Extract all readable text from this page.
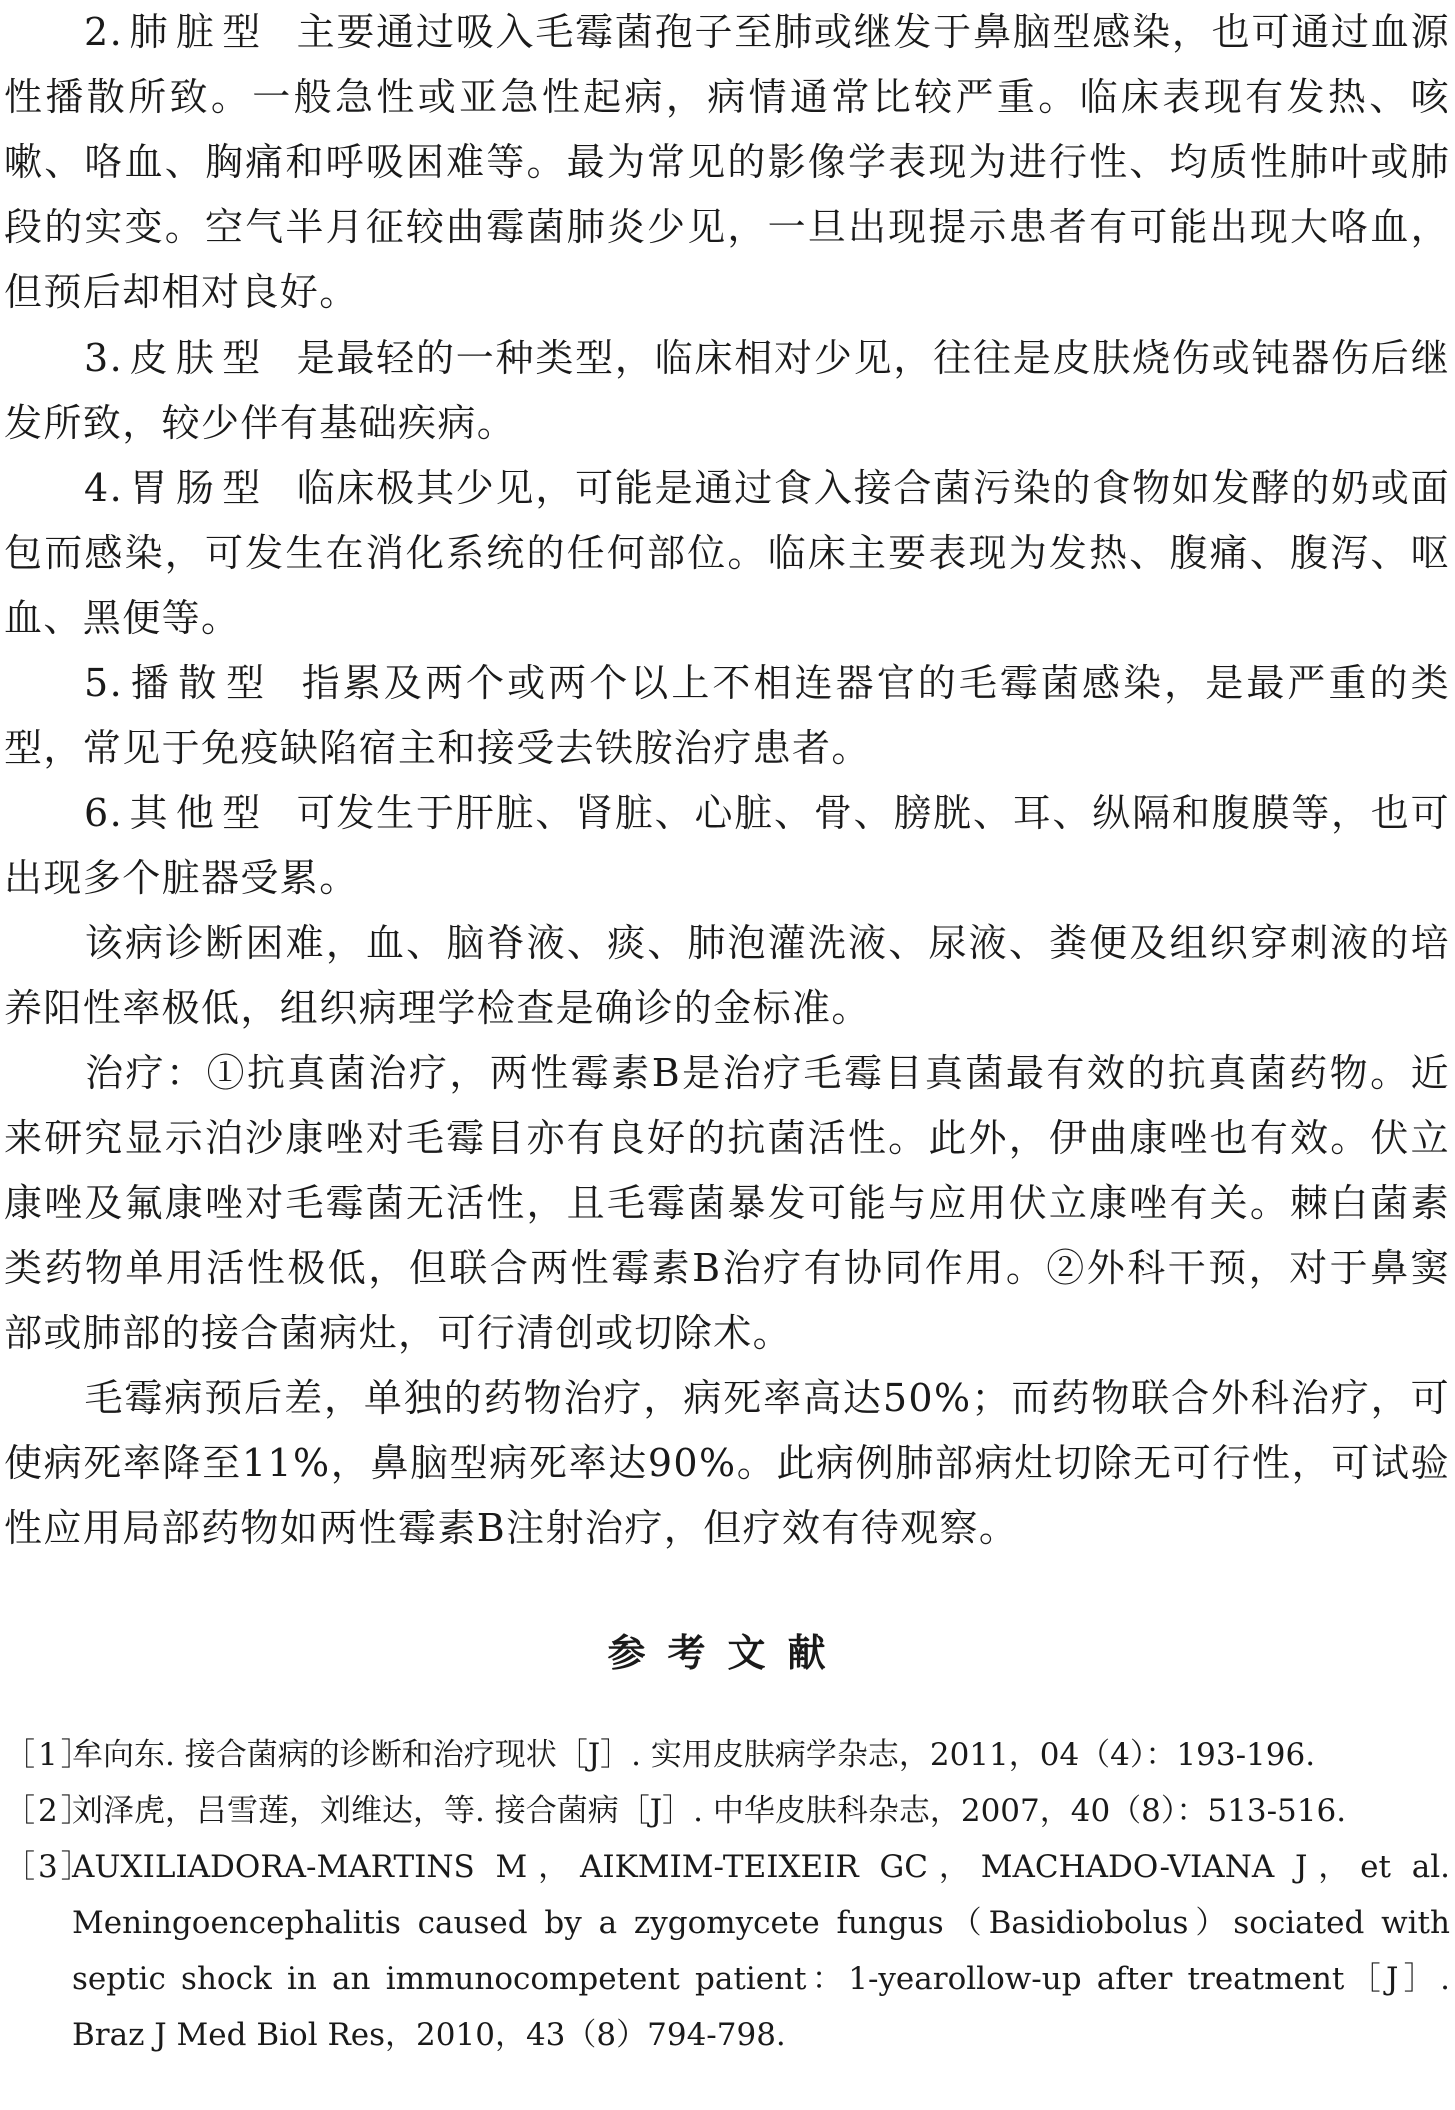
2. 肺脏型 主要通过吸入毛霉菌孢子至肺或继发于鼻脑型感染，也可通过血源性播散所致。一般急性或亚急性起病，病情通常比较严重。临床表现有发热、咳嗽、咯血、胸痛和呼吸困难等。最为常见的影像学表现为进行性、均质性肺叶或肺段的实变。空气半月征较曲霉菌肺炎少见，一旦出现提示患者有可能出现大咯血，但预后却相对良好。

3. 皮肤型 是最轻的一种类型，临床相对少见，往往是皮肤烧伤或钝器伤后继发所致，较少伴有基础疾病。

4. 胃肠型 临床极其少见，可能是通过食入接合菌污染的食物如发酵的奶或面包而感染，可发生在消化系统的任何部位。临床主要表现为发热、腹痛、腹泻、呕血、黑便等。

5. 播散型 指累及两个或两个以上不相连器官的毛霉菌感染，是最严重的类型，常见于免疫缺陷宿主和接受去铁胺治疗患者。

6. 其他型 可发生于肝脏、肾脏、心脏、骨、膀胱、耳、纵隔和腹膜等，也可出现多个脏器受累。

该病诊断困难，血、脑脊液、痰、肺泡灌洗液、尿液、粪便及组织穿刺液的培养阳性率极低，组织病理学检查是确诊的金标准。

治疗：①抗真菌治疗，两性霉素B是治疗毛霉目真菌最有效的抗真菌药物。近来研究显示泊沙康唑对毛霉目亦有良好的抗菌活性。此外，伊曲康唑也有效。伏立康唑及氟康唑对毛霉菌无活性，且毛霉菌暴发可能与应用伏立康唑有关。棘白菌素类药物单用活性极低，但联合两性霉素B治疗有协同作用。②外科干预，对于鼻窦部或肺部的接合菌病灶，可行清创或切除术。

毛霉病预后差，单独的药物治疗，病死率高达50%；而药物联合外科治疗，可使病死率降至11%，鼻脑型病死率达90%。此病例肺部病灶切除无可行性，可试验性应用局部药物如两性霉素B注射治疗，但疗效有待观察。

参考文献

［1］
牟向东. 接合菌病的诊断和治疗现状［J］. 实用皮肤病学杂志，2011，04（4）：193-196.

［2］
刘泽虎，吕雪莲，刘维达，等. 接合菌病［J］. 中华皮肤科杂志，2007，40（8）：513-516.

［3］
AUXILIADORA-MARTINS M，AIKMIM-TEIXEIR GC，MACHADO-VIANA J，et al. Meningoencephalitis caused by a zygomycete fungus（Basidiobolus）sociated with septic shock in an immunocompetent patient：1-yearollow-up after treatment［J］. Braz J Med Biol Res，2010，43（8）794-798.
